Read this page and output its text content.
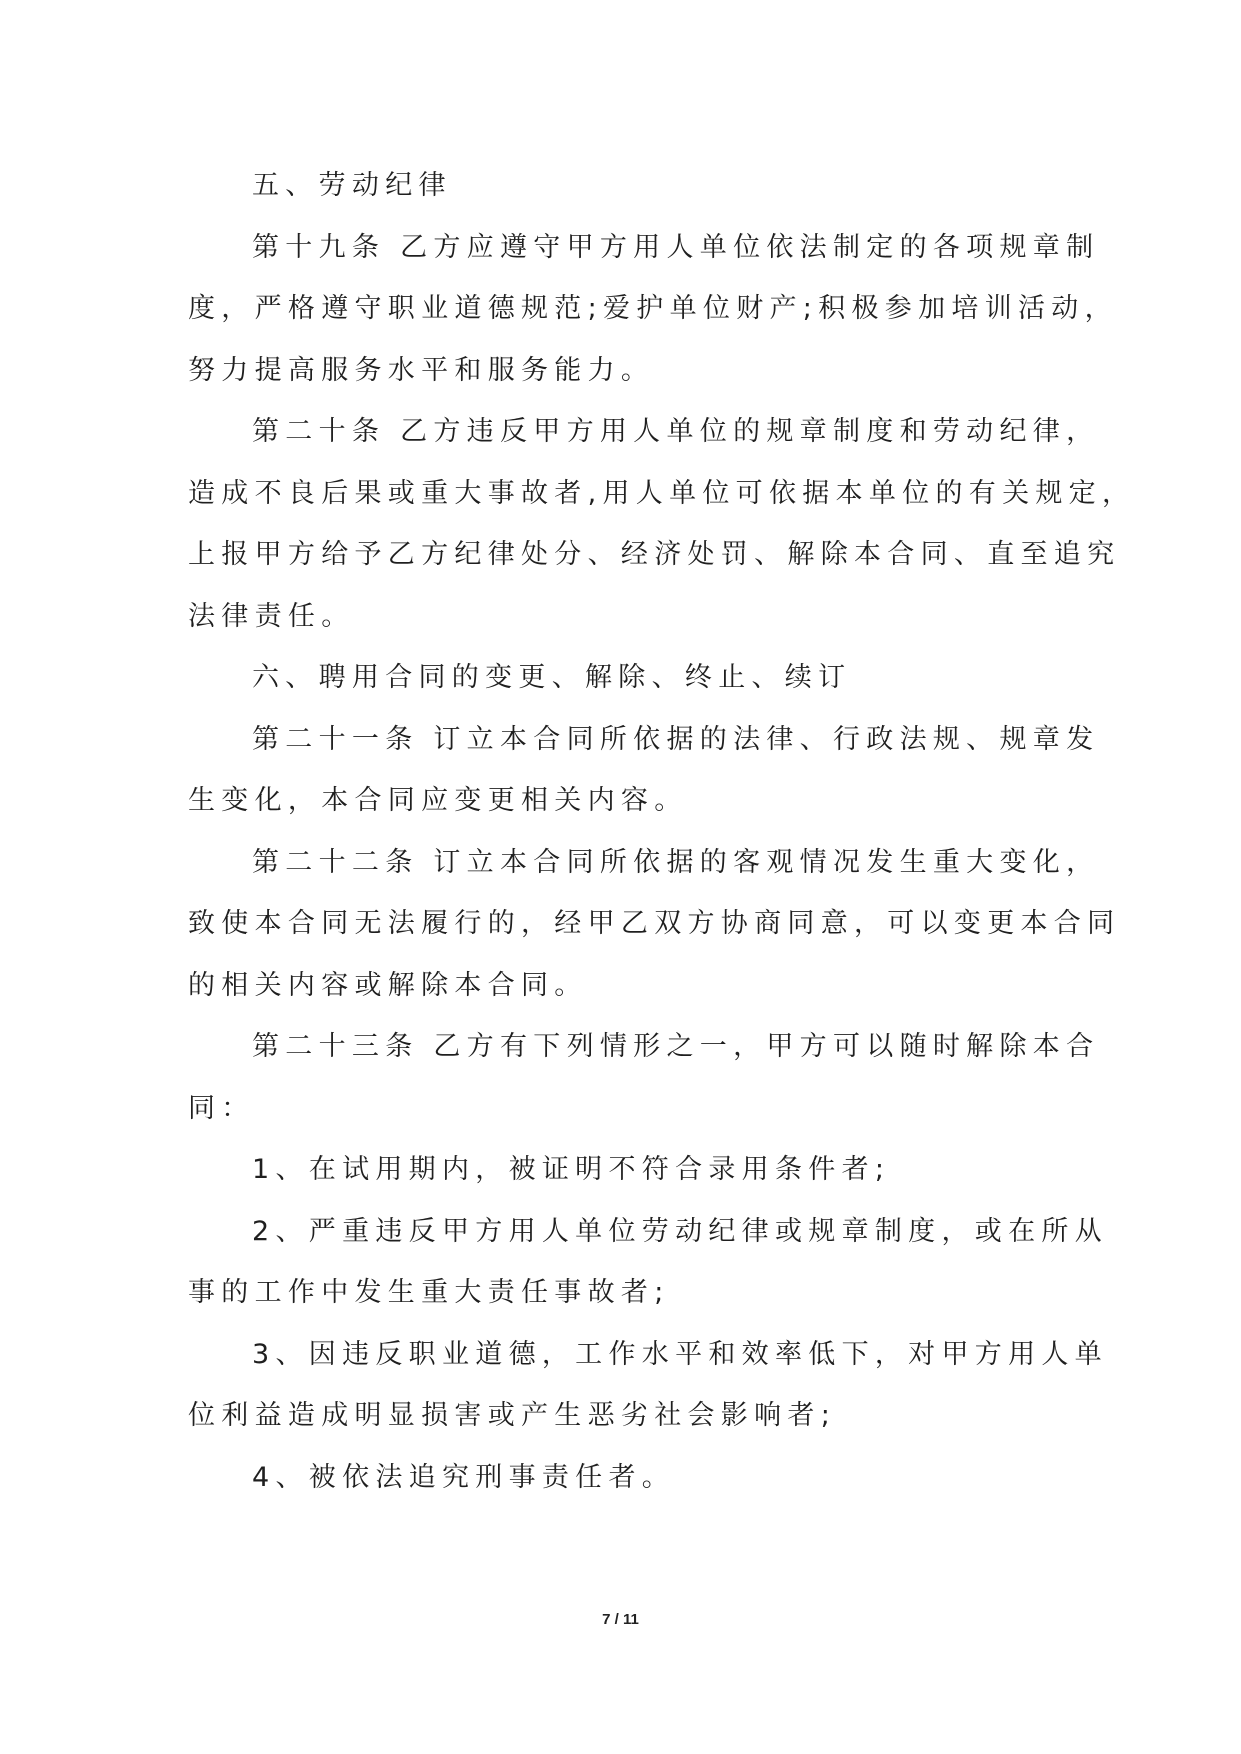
五、劳动纪律

第十九条 乙方应遵守甲方用人单位依法制定的各项规章制

度，严格遵守职业道德规范;爱护单位财产;积极参加培训活动，

努力提高服务水平和服务能力。

第二十条 乙方违反甲方用人单位的规章制度和劳动纪律，

造成不良后果或重大事故者,用人单位可依据本单位的有关规定，

上报甲方给予乙方纪律处分、经济处罚、解除本合同、直至追究

法律责任。

六、聘用合同的变更、解除、终止、续订

第二十一条 订立本合同所依据的法律、行政法规、规章发

生变化，本合同应变更相关内容。

第二十二条 订立本合同所依据的客观情况发生重大变化，

致使本合同无法履行的，经甲乙双方协商同意，可以变更本合同

的相关内容或解除本合同。

第二十三条 乙方有下列情形之一，甲方可以随时解除本合

同：

1、在试用期内，被证明不符合录用条件者;

2、严重违反甲方用人单位劳动纪律或规章制度，或在所从

事的工作中发生重大责任事故者;

3、因违反职业道德，工作水平和效率低下，对甲方用人单

位利益造成明显损害或产生恶劣社会影响者;

4、被依法追究刑事责任者。

7 / 11
